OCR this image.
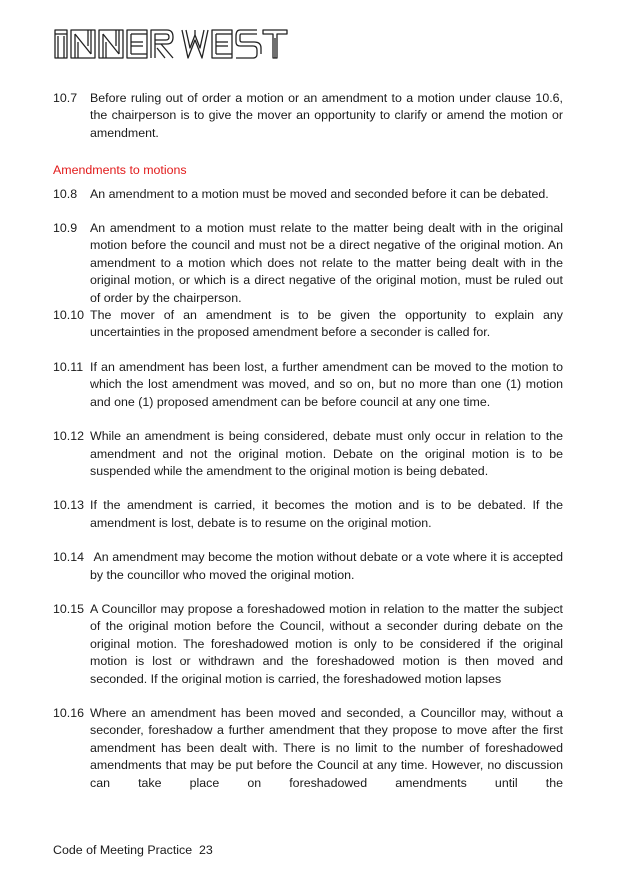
10.7	Before ruling out of order a motion or an amendment to a motion under clause 10.6, the chairperson is to give the mover an opportunity to clarify or amend the motion or amendment.
Amendments to motions
10.8	An amendment to a motion must be moved and seconded before it can be debated.
10.9	An amendment to a motion must relate to the matter being dealt with in the original motion before the council and must not be a direct negative of the original motion. An amendment to a motion which does not relate to the matter being dealt with in the original motion, or which is a direct negative of the original motion, must be ruled out of order by the chairperson.
10.10 The mover of an amendment is to be given the opportunity to explain any uncertainties in the proposed amendment before a seconder is called for.
10.11 If an amendment has been lost, a further amendment can be moved to the motion to which the lost amendment was moved, and so on, but no more than one (1) motion and one (1) proposed amendment can be before council at any one time.
10.12 While an amendment is being considered, debate must only occur in relation to the amendment and not the original motion. Debate on the original motion is to be suspended while the amendment to the original motion is being debated.
10.13 If the amendment is carried, it becomes the motion and is to be debated. If the amendment is lost, debate is to resume on the original motion.
10.14 An amendment may become the motion without debate or a vote where it is accepted by the councillor who moved the original motion.
10.15 A Councillor may propose a foreshadowed motion in relation to the matter the subject of the original motion before the Council, without a seconder during debate on the original motion. The foreshadowed motion is only to be considered if the original motion is lost or withdrawn and the foreshadowed motion is then moved and seconded. If the original motion is carried, the foreshadowed motion lapses
10.16 Where an amendment has been moved and seconded, a Councillor may, without a seconder, foreshadow a further amendment that they propose to move after the first amendment has been dealt with. There is no limit to the number of foreshadowed amendments that may be put before the Council at any time. However, no discussion can take place on foreshadowed amendments until the
Code of Meeting Practice  23
